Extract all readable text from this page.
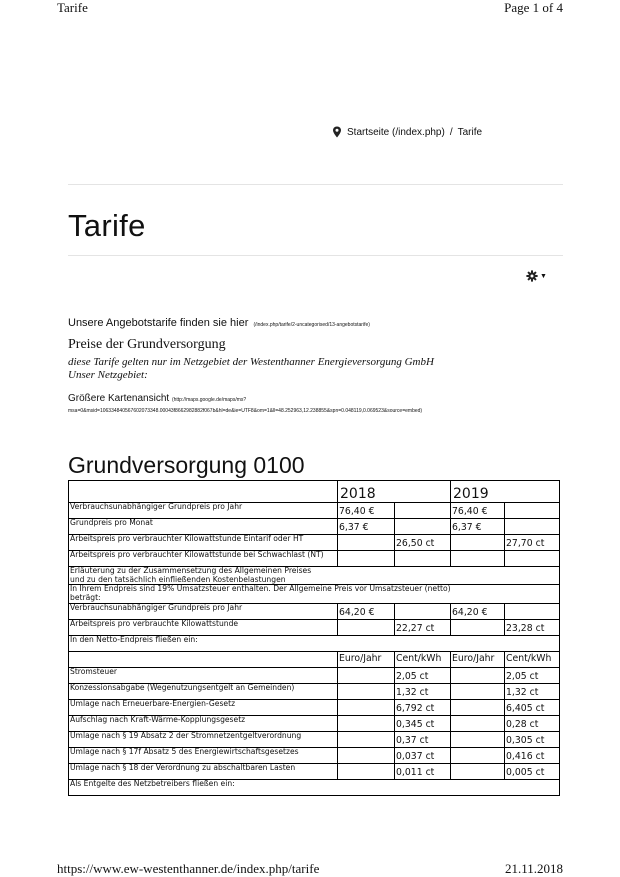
Tarife	Page 1 of 4
Startseite (/index.php) / Tarife
Tarife
▼
Unsere Angebotstarife finden sie hier (/index.php/tarife/2-uncategorised/13-angebotstarife)
Preise der Grundversorgung
diese Tarife gelten nur im Netzgebiet der Westenthanner Energieversorgung GmbH
Unser Netzgebiet:
Größere Kartenansicht (http://maps.google.de/maps/ms?
msa=0&msid=106334840567602073348.00043f8662982882f067b&hl=de&ie=UTF8&om=1&ll=48.252963,12.238855&spn=0.048119,0.069523&source=embed)
Grundversorgung 0100
	2018		2019	
Verbrauchsunabhängiger Grundpreis pro Jahr	76,40 €		76,40 €	
Grundpreis pro Monat	6,37 €		6,37 €	
Arbeitspreis pro verbrauchter Kilowattstunde Eintarif oder HT		26,50 ct		27,70 ct
Arbeitspreis pro verbrauchter Kilowattstunde bei Schwachlast (NT)				

Erläuterung zu der Zusammensetzung des Allgemeinen Preises
und zu den tatsächlich einfließenden Kostenbelastungen				

In Ihrem Endpreis sind 19% Umsatzsteuer enthalten. Der Allgemeine Preis vor Umsatzsteuer (netto)
beträgt:				

Verbrauchsunabhängiger Grundpreis pro Jahr	64,20 €		64,20 €	
Arbeitspreis pro verbrauchte Kilowattstunde		22,27 ct		23,28 ct
In den Netto-Endpreis fließen ein:				
	Euro/Jahr	Cent/kWh	Euro/Jahr	Cent/kWh
Stromsteuer		2,05 ct		2,05 ct
Konzessionsabgabe (Wegenutzungsentgelt an Gemeinden)		1,32 ct		1,32 ct
Umlage nach Erneuerbare-Energien-Gesetz		6,792 ct		6,405 ct
Aufschlag nach Kraft-Wärme-Kopplungsgesetz		0,345 ct		0,28 ct
Umlage nach § 19 Absatz 2 der Stromnetzentgeltverordnung		0,37 ct		0,305 ct
Umlage nach § 17f Absatz 5 des Energiewirtschaftsgesetzes		0,037 ct		0,416 ct
Umlage nach § 18 der Verordnung zu abschaltbaren Lasten		0,011 ct		0,005 ct
Als Entgelte des Netzbetreibers fließen ein:				
https://www.ew-westenthanner.de/index.php/tarife	21.11.2018
